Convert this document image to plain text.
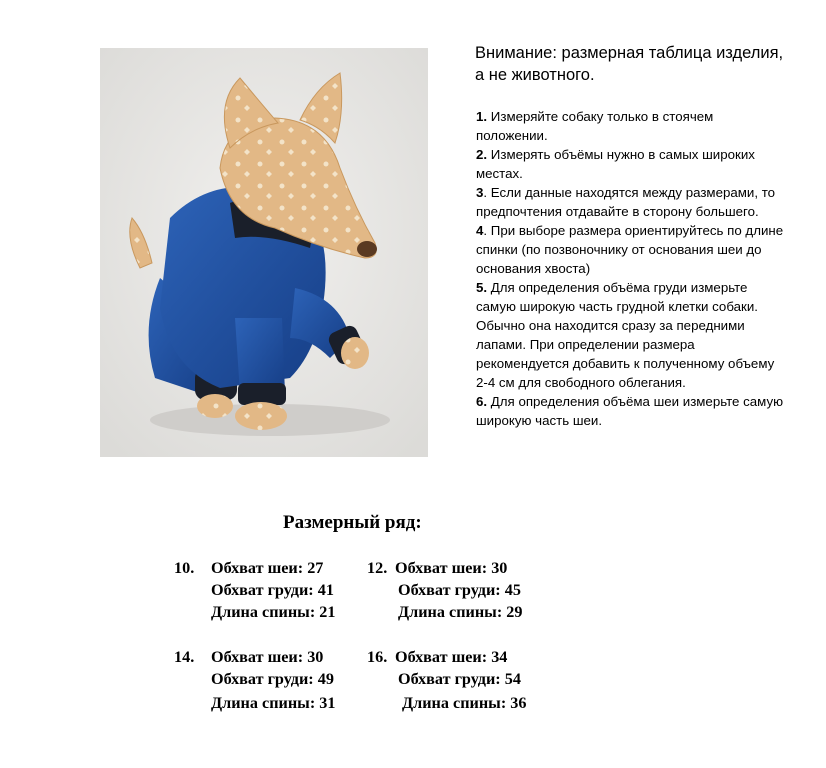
Внимание: размерная таблица изделия, а не животного.

1. Измеряйте собаку только в стоячем положении.

2. Измерять объёмы нужно в самых широких местах.

3. Если данные находятся между размерами, то предпочтения отдавайте в сторону большего.

4. При выборе размера ориентируйтесь по длине спинки (по позвоночнику от основания шеи до основания хвоста)

5. Для определения объёма груди измерьте самую широкую часть грудной клетки собаки. Обычно она находится сразу за передними лапами. При определении размера рекомендуется добавить к полученному объему 2-4 см для свободного облегания.

6. Для определения объёма шеи измерьте самую широкую часть шеи.

Размерный ряд:

10. Обхват шеи: 27
Обхват груди: 41
Длина спины: 21
12. Обхват шеи: 30
Обхват груди: 45
Длина спины: 29
14. Обхват шеи: 30
Обхват груди: 49
Длина спины: 31
16. Обхват шеи: 34
Обхват груди: 54
Длина спины: 36
